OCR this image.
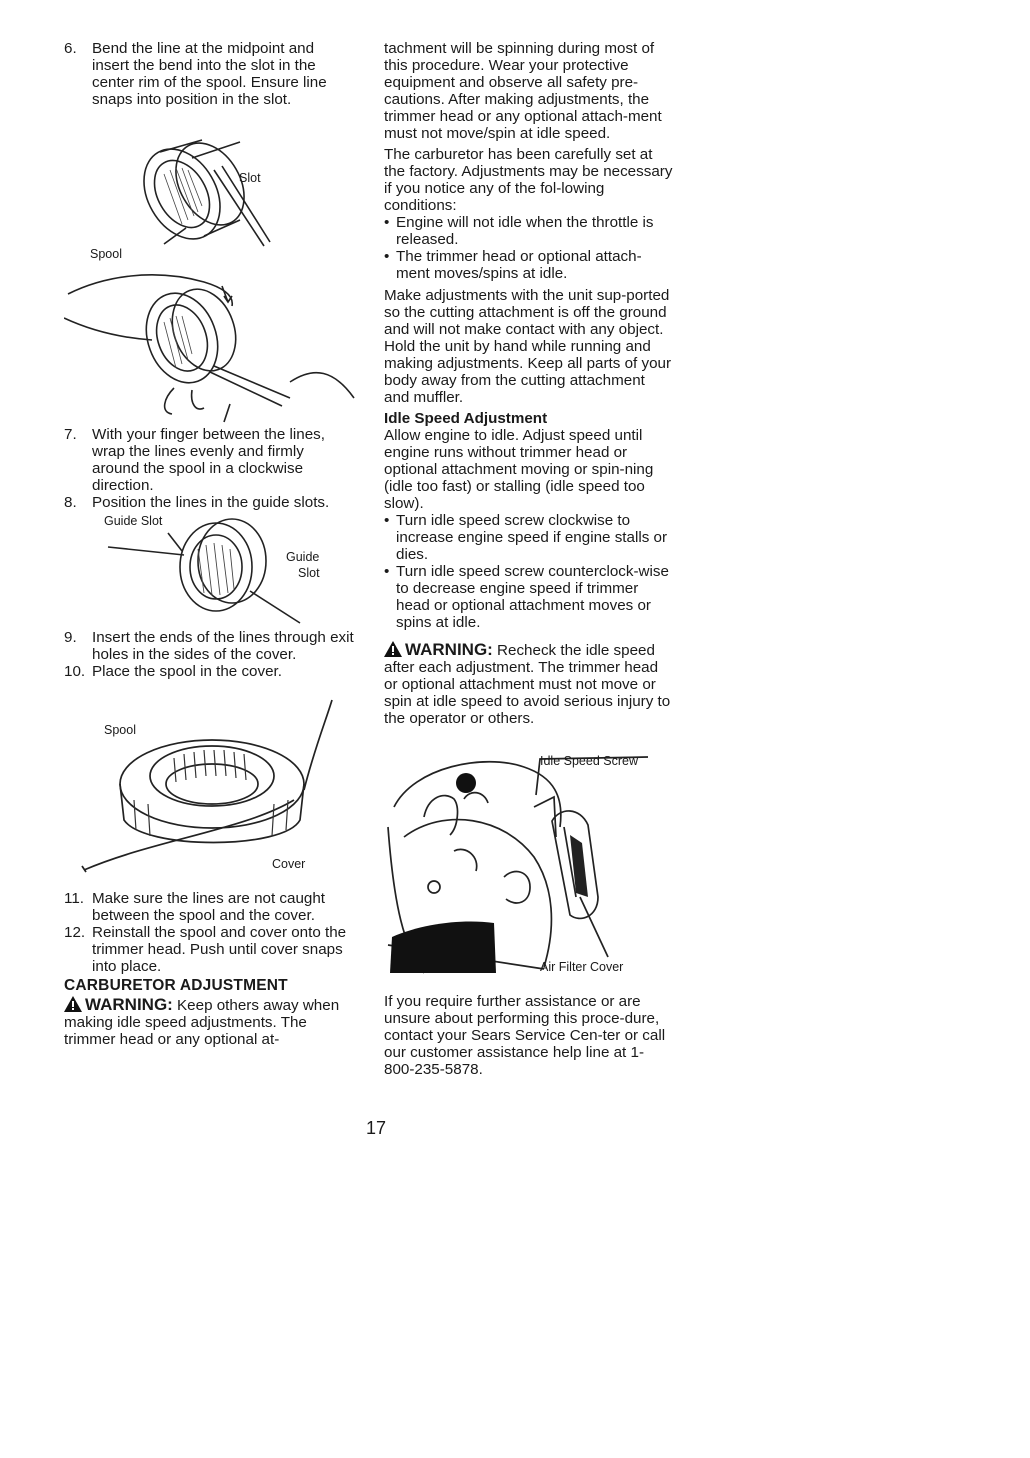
6.	Bend the line at the midpoint and insert the bend into the slot in the center rim of the spool. Ensure line snaps into position in the slot.
Slot
Spool
7.	With your finger between the lines, wrap the lines evenly and firmly around the spool in a clockwise direction.
8.	Position the lines in the guide slots.
Guide Slot
Guide
Slot
9.	Insert the ends of the lines through exit holes in the sides of the cover.
10. Place the spool in the cover.
Spool
Cover
11. Make sure the lines are not caught between the spool and the cover.
12. Reinstall the spool and cover onto the trimmer head. Push until cover snaps into place.
CARBURETOR ADJUSTMENT

WARNING: Keep others away when making idle speed adjustments. The trimmer head or any optional at-

tachment will be spinning during most of this procedure. Wear your protective equipment and observe all safety pre-cautions. After making adjustments, the trimmer head or any optional attach-ment must not move/spin at idle speed.

The carburetor has been carefully set at the factory. Adjustments may be necessary if you notice any of the fol-lowing conditions:

• Engine will not idle when the throttle is released.
• The trimmer head or optional attach-ment moves/spins at idle.

Make adjustments with the unit sup-ported so the cutting attachment is off the ground and will not make contact with any object. Hold the unit by hand while running and making adjustments. Keep all parts of your body away from the cutting attachment and muffler.

Idle Speed Adjustment

Allow engine to idle. Adjust speed until engine runs without trimmer head or optional attachment moving or spin-ning (idle too fast) or stalling (idle speed too slow).

• Turn idle speed screw clockwise to increase engine speed if engine stalls or dies.
• Turn idle speed screw counterclock-wise to decrease engine speed if trimmer head or optional attachment moves or spins at idle.

WARNING: Recheck the idle speed after each adjustment. The trimmer head or optional attachment must not move or spin at idle speed to avoid serious injury to the operator or others.

Idle Speed Screw
Air Filter Cover

If you require further assistance or are unsure about performing this proce-dure, contact your Sears Service Cen-ter or call our customer assistance help line at 1-800-235-5878.

17
